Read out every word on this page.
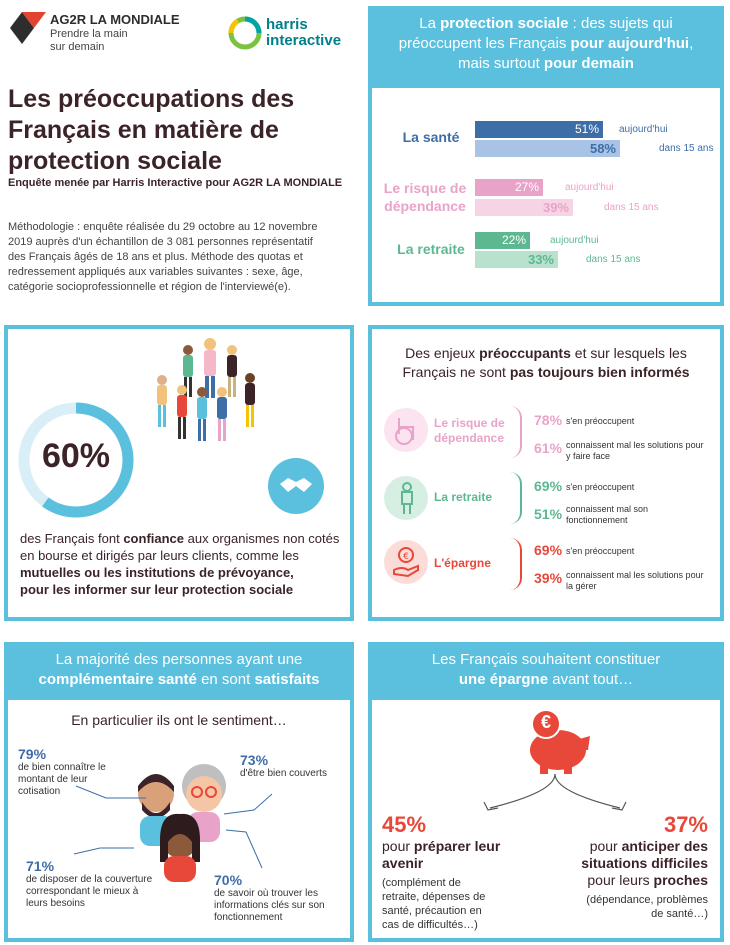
AG2R LA MONDIALE
Prendre la main
sur demain
harris
interactive
Les préoccupations des
Français en matière de
protection sociale
Enquête menée par Harris Interactive pour AG2R LA MONDIALE
Méthodologie : enquête réalisée du 29 octobre au 12 novembre
2019 auprès d'un échantillon de 3 081 personnes représentatif
des Français âgés de 18 ans et plus. Méthode des quotas et
redressement appliqués aux variables suivantes : sexe, âge,
catégorie socioprofessionnelle et région de l'interviewé(e).
La protection sociale : des sujets qui
préoccupent les Français pour aujourd'hui,
mais surtout pour demain
La santé	51%	aujourd'hui
58%	dans 15 ans
Le risque de
dépendance
27%	aujourd'hui
39%	dans 15 ans
La retraite
22%	aujourd'hui
33%	dans 15 ans
60%
des Français font confiance aux organismes non cotés
en bourse et dirigés par leurs clients, comme les
mutuelles ou les institutions de prévoyance,
pour les informer sur leur protection sociale
Des enjeux préoccupants et sur lesquels les
Français ne sont pas toujours bien informés
Le risque de
dépendance
78% s'en préoccupent
61% connaissent mal les solutions pour
y faire face
La retraite
69% s'en préoccupent
51% connaissent mal son
fonctionnement
€ L'épargne
69% s'en préoccupent
39% connaissent mal les solutions pour
la gérer
La majorité des personnes ayant une
complémentaire santé en sont satisfaits
En particulier ils ont le sentiment…
79%
de bien connaître le
montant de leur
cotisation
73%
d'être bien couverts
71%
de disposer de la couverture
correspondant le mieux à
leurs besoins
70%
de savoir où trouver les
informations clés sur son
fonctionnement
Les Français souhaitent constituer
une épargne avant tout…
€
45%
pour préparer leur
avenir
(complément de
retraite, dépenses de
santé, précaution en
cas de difficultés…)
37%
pour anticiper des
situations difficiles
pour leurs proches
(dépendance, problèmes
de santé…)
